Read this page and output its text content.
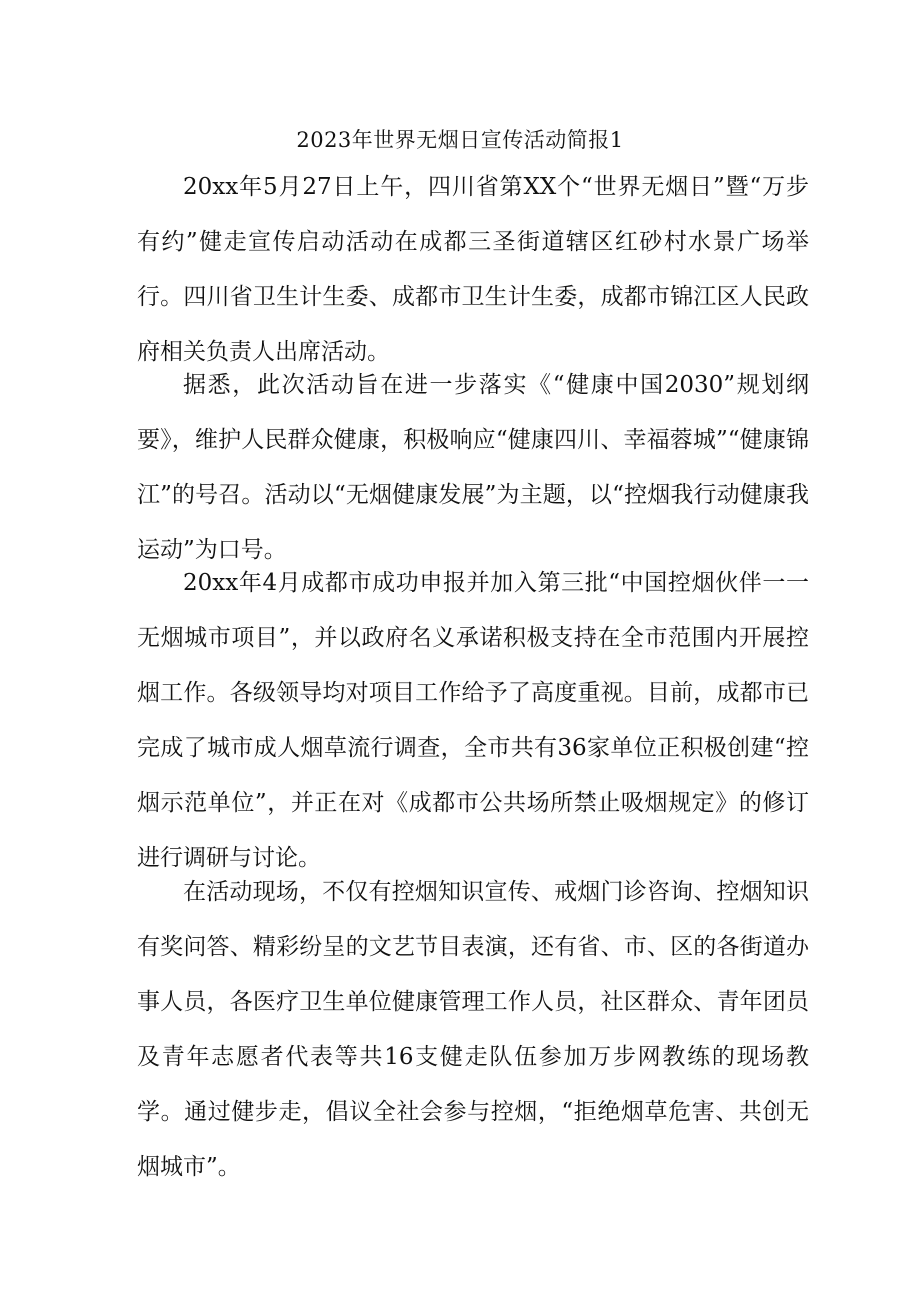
2023年世界无烟日宣传活动简报1

20xx年5月27日上午，四川省第XX个“世界无烟日”暨“万步有约”健走宣传启动活动在成都三圣街道辖区红砂村水景广场举行。四川省卫生计生委、成都市卫生计生委，成都市锦江区人民政府相关负责人出席活动。

据悉，此次活动旨在进一步落实《“健康中国2030”规划纲要》，维护人民群众健康，积极响应“健康四川、幸福蓉城”“健康锦江”的号召。活动以“无烟健康发展”为主题，以“控烟我行动健康我运动”为口号。

20xx年4月成都市成功申报并加入第三批“中国控烟伙伴一一无烟城市项目”，并以政府名义承诺积极支持在全市范围内开展控烟工作。各级领导均对项目工作给予了高度重视。目前，成都市已完成了城市成人烟草流行调查，全市共有36家单位正积极创建“控烟示范单位”，并正在对《成都市公共场所禁止吸烟规定》的修订进行调研与讨论。

在活动现场，不仅有控烟知识宣传、戒烟门诊咨询、控烟知识有奖问答、精彩纷呈的文艺节目表演，还有省、市、区的各街道办事人员，各医疗卫生单位健康管理工作人员，社区群众、青年团员及青年志愿者代表等共16支健走队伍参加万步网教练的现场教学。通过健步走，倡议全社会参与控烟，“拒绝烟草危害、共创无烟城市”。
